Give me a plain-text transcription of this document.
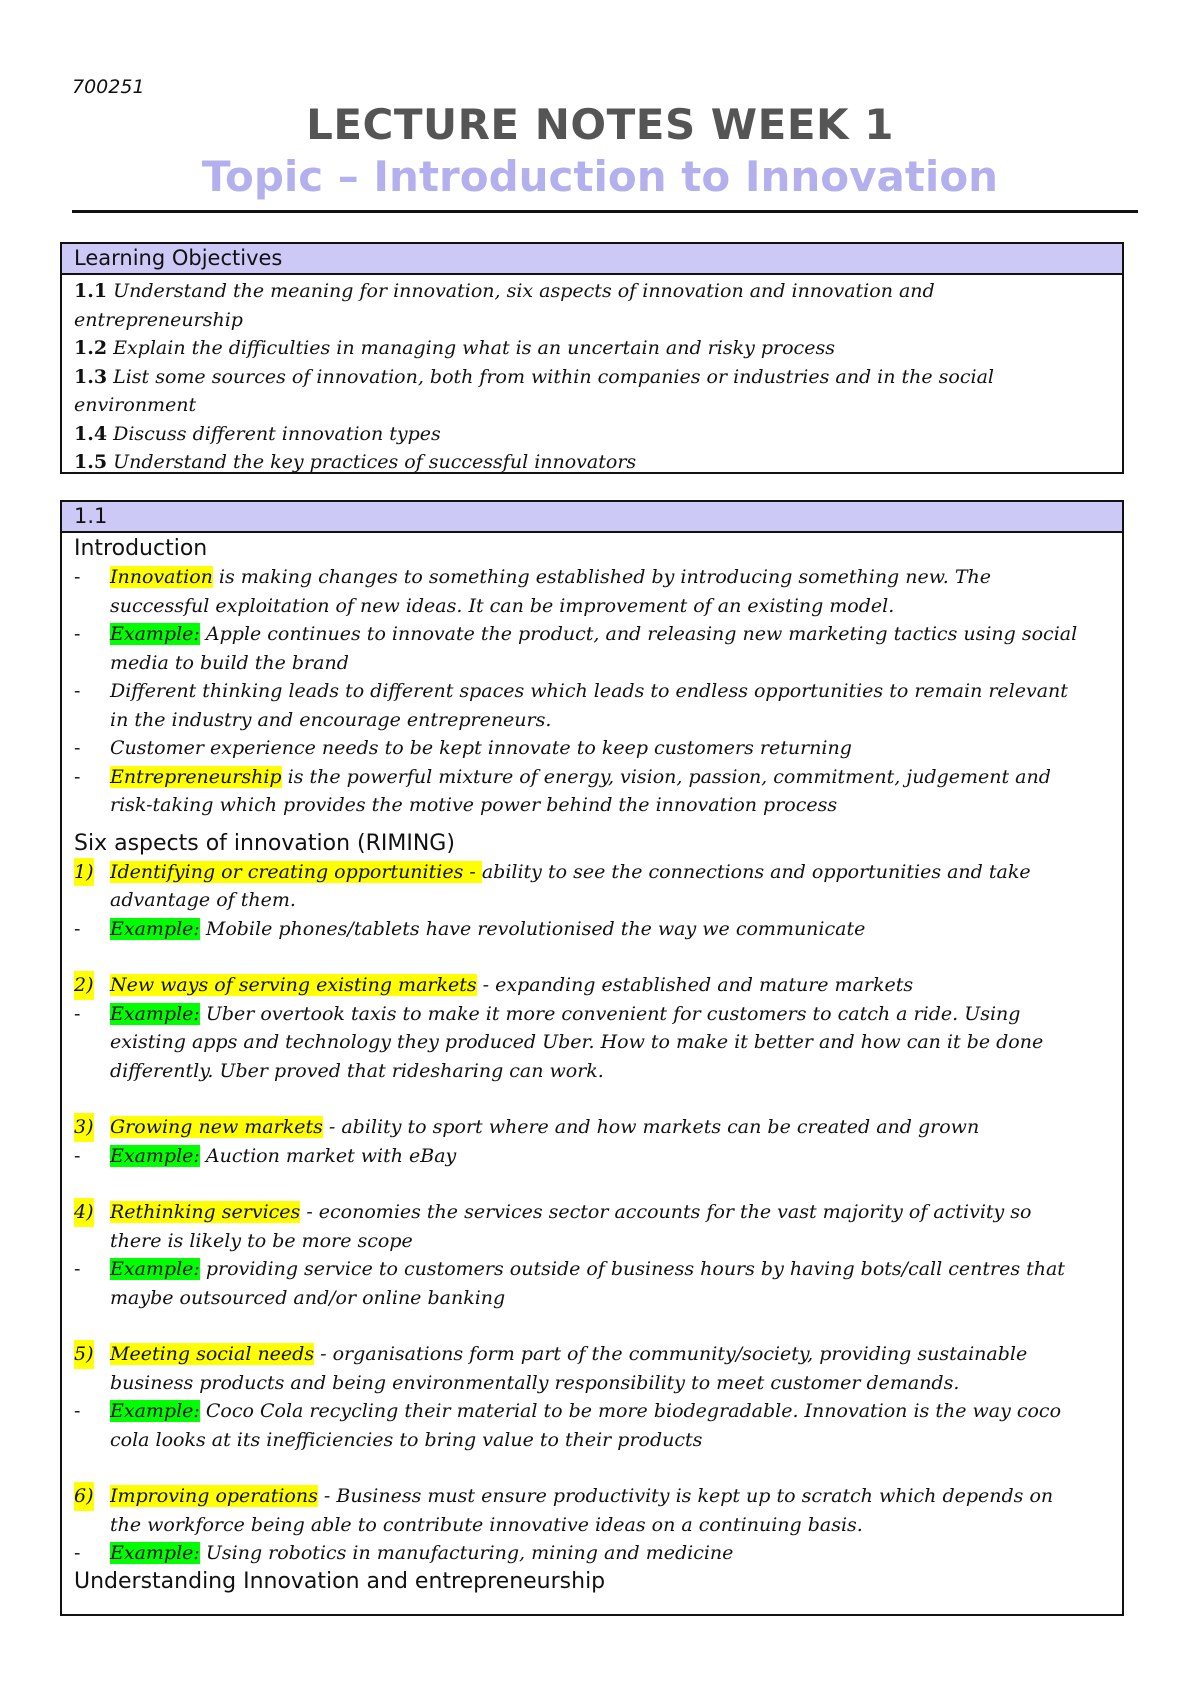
700251
LECTURE NOTES WEEK 1
Topic – Introduction to Innovation
Learning Objectives
1.1 Understand the meaning for innovation, six aspects of innovation and innovation and
entrepreneurship
1.2 Explain the difficulties in managing what is an uncertain and risky process
1.3 List some sources of innovation, both from within companies or industries and in the social
environment
1.4 Discuss different innovation types
1.5 Understand the key practices of successful innovators
1.1
Introduction
- Innovation is making changes to something established by introducing something new. The
successful exploitation of new ideas. It can be improvement of an existing model.
- Example: Apple continues to innovate the product, and releasing new marketing tactics using social
media to build the brand
- Different thinking leads to different spaces which leads to endless opportunities to remain relevant
in the industry and encourage entrepreneurs.
- Customer experience needs to be kept innovate to keep customers returning
- Entrepreneurship is the powerful mixture of energy, vision, passion, commitment, judgement and
risk-taking which provides the motive power behind the innovation process
Six aspects of innovation (RIMING)
1) Identifying or creating opportunities - ability to see the connections and opportunities and take
advantage of them.
- Example: Mobile phones/tablets have revolutionised the way we communicate
2) New ways of serving existing markets - expanding established and mature markets
- Example: Uber overtook taxis to make it more convenient for customers to catch a ride. Using
existing apps and technology they produced Uber. How to make it better and how can it be done
differently. Uber proved that ridesharing can work.
3) Growing new markets - ability to sport where and how markets can be created and grown
- Example: Auction market with eBay
4) Rethinking services - economies the services sector accounts for the vast majority of activity so
there is likely to be more scope
- Example: providing service to customers outside of business hours by having bots/call centres that
maybe outsourced and/or online banking
5) Meeting social needs - organisations form part of the community/society, providing sustainable
business products and being environmentally responsibility to meet customer demands.
- Example: Coco Cola recycling their material to be more biodegradable. Innovation is the way coco
cola looks at its inefficiencies to bring value to their products
6) Improving operations - Business must ensure productivity is kept up to scratch which depends on
the workforce being able to contribute innovative ideas on a continuing basis.
- Example: Using robotics in manufacturing, mining and medicine
Understanding Innovation and entrepreneurship
